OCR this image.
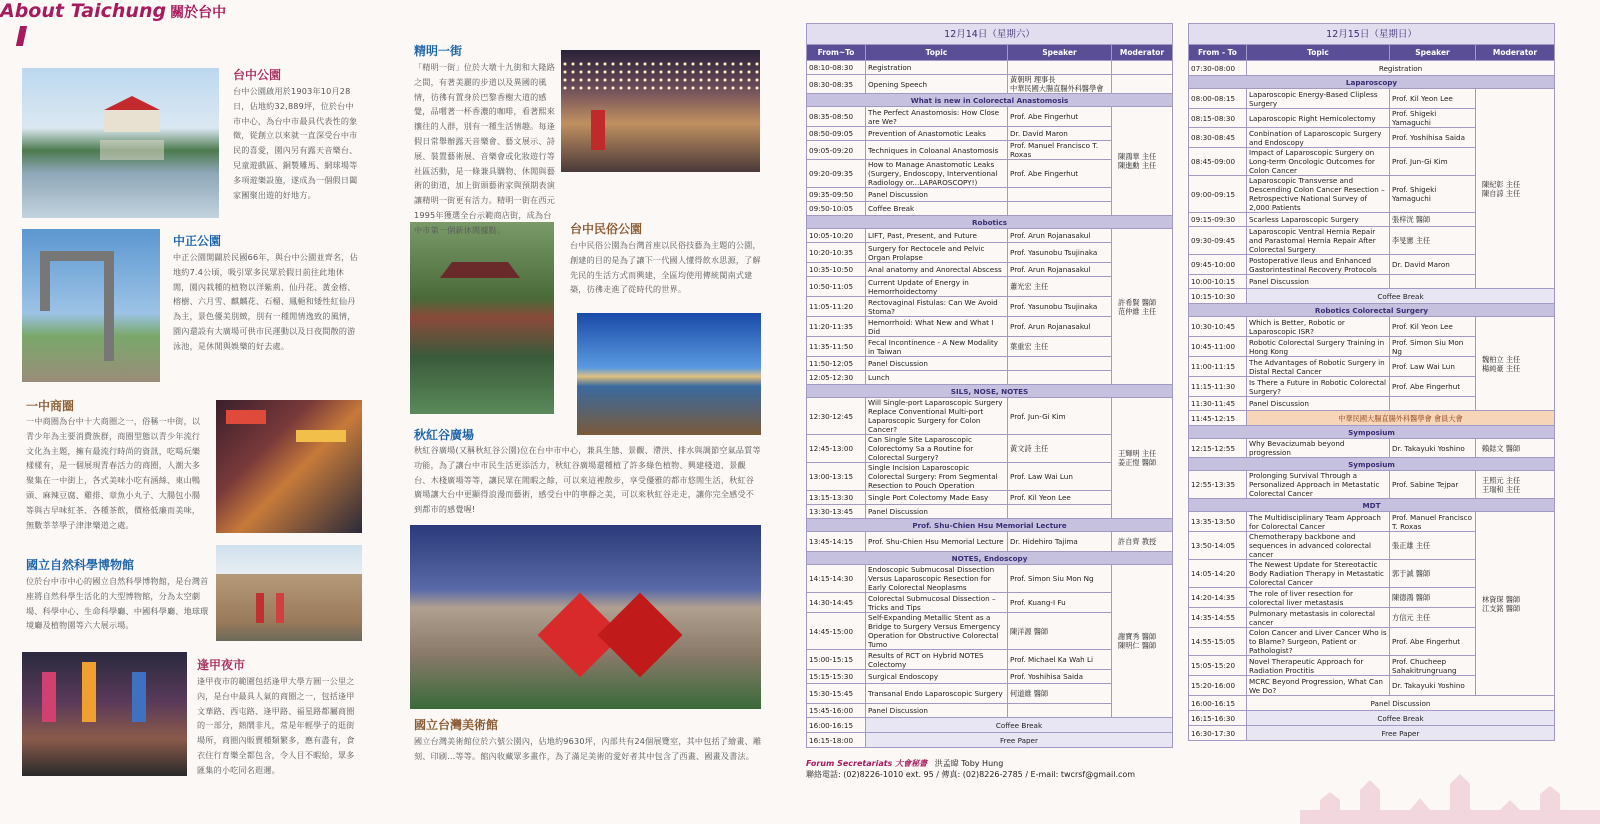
About Taichung 關於台中
台中公園
台中公園啟用於1903年10月28日，佔地約32,889坪，位於台中市中心，為台中市最具代表性的象徵，從創立以來就一直深受台中市民的喜愛，園內另有露天音樂台、兒童遊戲區、銅製雕馬、網球場等多項遊樂設施，遂成為一個假日闔家團聚出遊的好地方。
中正公園
中正公園開闢於民國66年，與台中公園並齊名，佔地約7.4公頃，吸引眾多民眾於假日前往此地休閒，園內栽種的植物以洋紫荊、仙丹花、黃金榕、榕樹、六月雪、麒麟花、石榴、鳳梔和矮性紅仙丹為主，景色優美別緻，別有一種閒情逸致的風情，園內還設有大廣場可供市民運動以及日夜間散的游泳池，是休閒與娛樂的好去處。
一中商圈
一中商圈為台中十大商圈之一，俗稱一中街，以青少年為主要消費族群，商圈型態以青少年流行文化為主題，擁有最流行時尚的資訊，吃喝玩樂樣樣有，是一個展現青春活力的商圈，人潮大多聚集在一中街上，各式美味小吃有涵絲、東山鴨頭、麻辣豆腐、雞排、章魚小丸子、大腸包小腸等與古早味紅茶、各種茶飲，價格低廉而美味，無數莘莘學子津津樂道之處。
國立自然科學博物館
位於台中市中心的國立自然科學博物館，是台灣首座將自然科學生活化的大型博物館，分為太空劇場、科學中心、生命科學廳、中國科學廳、地球環境廳及植物園等六大展示場。
逢甲夜市
逢甲夜市的範圍包括逢甲大學方圓一公里之內，是台中最具人氣的商圈之一，包括逢甲文華路、西屯路、逢甲路、福星路都屬商圈的一部分，熱鬧非凡，常是年輕學子的逛街場所，商圈內販賣種類繁多，應有盡有，食衣住行育樂全都包含，令人目不暇給，眾多匯集的小吃同名遐邇。
精明一街
「精明一街」位於大墩十九街和大隆路之間，有著美麗的步道以及異國的風情，彷彿有置身於巴黎香榭大道的感覺，品嚐著一杯香濃的咖啡，看著熙來攘往的人群，別有一種生活情趣。每逢假日常舉辦露天音樂會、藝文展示、詩展、裝置藝術展、音樂會或化妝遊行等社區活動，是一條兼具購物、休閒與藝術的街道，加上街頭藝術家與預期表演讓精明一街更有活力。精明一街在西元1995年獲選全台示範商店街，成為台中市第一個新休閒據點。	台中民俗公園
台中民俗公園為台灣首座以民俗技藝為主題的公園，創建的目的是為了讓下一代國人懂得飲水思源，了解先民的生活方式而興建，全區均使用傳統閩南式建築，彷彿走進了從時代的世界。
秋紅谷廣場
秋紅谷廣場(又稱秋紅谷公園)位在台中市中心，兼具生態、景觀、滯洪、排水與調節空氣品質等功能，為了讓台中市民生活更添活力，秋紅谷廣場還種植了許多綠色植物、興建棧道、景觀台、木棧廣場等等，讓民眾在閒暇之餘，可以來這裡散步，享受優雅的都市悠閒生活，秋紅谷廣場讓大台中更顯得浪漫而藝術，感受台中的寧靜之美，可以來秋紅谷走走，讓你完全感受不到都市的感覺喔!
國立台灣美術館
國立台灣美術館位於六號公園內，佔地約9630坪，內部共有24個展覽室，其中包括了繪畫、雕刻、印刷…等等。館內收藏眾多畫作，為了滿足美術的愛好者其中包含了西畫、國畫及書法。
12月14日（星期六）			
From~To	Topic	Speaker	Moderator
08:10-08:30	Registration		
08:30-08:35	Opening Speech	黃朝明 理事長
中華民國大腸直腸外科醫學會	
What is new in Colorectal Anastomosis			
08:35-08:50	The Perfect Anastomosis: How Close are We?	Prof. Abe Fingerhut	陳鴻華 主任
陳進勳 主任
08:50-09:05	Prevention of Anastomotic Leaks	Dr. David Maron	
09:05-09:20	Techniques in Coloanal Anastomosis	Prof. Manuel Francisco T. Roxas	
09:20-09:35	How to Manage Anastomotic Leaks (Surgery, Endoscopy, Interventional Radiology or...LAPAROSCOPY!)	Prof. Abe Fingerhut	
09:35-09:50	Panel Discussion		
09:50-10:05	Coffee Break		
Robotics			
10:05-10:20	LIFT, Past, Present, and Future	Prof. Arun Rojanasakul	許希賢 醫師
范仲維 主任
10:20-10:35	Surgery for Rectocele and Pelvic Organ Prolapse	Prof. Yasunobu Tsujinaka	
10:35-10:50	Anal anatomy and Anorectal Abscess	Prof. Arun Rojanasakul	
10:50-11:05	Current Update of Energy in Hemorrhoidectomy	蕭光宏 主任	
11:05-11:20	Rectovaginal Fistulas: Can We Avoid Stoma?	Prof. Yasunobu Tsujinaka	
11:20-11:35	Hemorrhoid: What New and What I Did	Prof. Arun Rojanasakul	
11:35-11:50	Fecal Incontinence - A New Modality in Taiwan	葉重宏 主任	
11:50-12:05	Panel Discussion		
12:05-12:30	Lunch		
SILS, NOSE, NOTES			
12:30-12:45	Will Single-port Laparoscopic Surgery Replace Conventional Multi-port Laparoscopic Surgery for Colon Cancer?	Prof. Jun-Gi Kim	王輝明 主任
姜正愷 醫師
12:45-13:00	Can Single Site Laparoscopic Colorectomy Sa a Routine for Colorectal Surgery?	黃文詩 主任	
13:00-13:15	Single Incision Laparoscopic Colorectal Surgery: From Segmental Resection to Pouch Operation	Prof. Law Wai Lun	
13:15-13:30	Single Port Colectomy Made Easy	Prof. Kil Yeon Lee	
13:30-13:45	Panel Discussion		
Prof. Shu-Chien Hsu Memorial Lecture			
13:45-14:15	Prof. Shu-Chien Hsu Memorial Lecture	Dr. Hidehiro Tajima	許自齊 教授
NOTES, Endoscopy			
14:15-14:30	Endoscopic Submucosal Dissection Versus Laparoscopic Resection for Early Colorectal Neoplasms	Prof. Simon Siu Mon Ng	謝寶秀 醫師
陳明仁 醫師
14:30-14:45	Colorectal Submucosal Dissection – Tricks and Tips	Prof. Kuang-I Fu	
14:45-15:00	Self-Expanding Metallic Stent as a Bridge to Surgery Versus Emergency Operation for Obstructive Colorectal Tumo	陳洋源 醫師	
15:00-15:15	Results of RCT on Hybrid NOTES Colectomy	Prof. Michael Ka Wah Li	
15:15-15:30	Surgical Endoscopy	Prof. Yoshihisa Saida	
15:30-15:45	Transanal Endo Laparoscopic Surgery	何道維 醫師	
15:45-16:00	Panel Discussion		
16:00-16:15	Coffee Break		
16:15-18:00	Free Paper		
12月15日（星期日）			
From - To	Topic	Speaker	Moderator
07:30-08:00	Registration		
Laparoscopy			
08:00-08:15	Laparoscopic Energy-Based Clipless Surgery	Prof. Kil Yeon Lee	陳紀彰 主任
陳自諒 主任
08:15-08:30	Laparoscopic Right Hemicolectomy	Prof. Shigeki Yamaguchi	
08:30-08:45	Conbination of Laparoscopic Surgery and Endoscopy	Prof. Yoshihisa Saida	
08:45-09:00	Impact of Laparoscopic Surgery on Long-term Oncologic Outcomes for Colon Cancer	Prof. Jun-Gi Kim	
09:00-09:15	Laparoscopic Transverse and Descending Colon Cancer Resection – Retrospective National Survey of 2,000 Patients	Prof. Shigeki Yamaguchi	
09:15-09:30	Scarless Laparoscopic Surgery	張梓洸 醫師	
09:30-09:45	Laparoscopic Ventral Hernia Repair and Parastomal Hernia Repair After Colorectal Surgery	李旻憲 主任	
09:45-10:00	Postoperative Ileus and Enhanced Gastorintestinal Recovery Protocols	Dr. David Maron	
10:00-10:15	Panel Discussion		
10:15-10:30	Coffee Break		
Robotics Colorectal Surgery			
10:30-10:45	Which is Better, Robotic or Laparoscopic ISR?	Prof. Kil Yeon Lee	魏柏立 主任
楊純豪 主任
10:45-11:00	Robotic Colorectal Surgery Training in Hong Kong	Prof. Simon Siu Mon Ng	
11:00-11:15	The Advantages of Robotic Surgery in Distal Rectal Cancer	Prof. Law Wai Lun	
11:15-11:30	Is There a Future in Robotic Colorectal Surgery?	Prof. Abe Fingerhut	
11:30-11:45	Panel Discussion		
11:45-12:15	中華民國大腸直腸外科醫學會 會員大會		
Symposium			
12:15-12:55	Why Bevacizumab beyond progression	Dr. Takayuki Yoshino	賴鋕文 醫師
Symposium			
12:55-13:35	Prolonging Survival Through a Personalized Approach in Metastatic Colorectal Cancer	Prof. Sabine Tejpar	王照元 主任
王瑞和 主任
MDT			
13:35-13:50	The Multidisciplinary Team Approach for Colorectal Cancer	Prof. Manuel Francisco T. Roxas	林資琛 醫師
江支銘 醫師
13:50-14:05	Chemotherapy backbone and sequences in advanced colorectal cancer	張正雄 主任	
14:05-14:20	The Newest Update for Stereotactic Body Radiation Therapy in Metastatic Colorectal Cancer	郭于誠 醫師	
14:20-14:35	The role of liver resection for colorectal liver metastasis	陳德鴻 醫師	
14:35-14:55	Pulmonary metastasis in colorectal cancer	方信元 主任	
14:55-15:05	Colon Cancer and Liver Cancer Who is to Blame? Surgeon, Patient or Pathologist?	Prof. Abe Fingerhut	
15:05-15:20	Novel Therapeutic Approach for Radiation Proctitis	Prof. Chucheep Sahakitrungruang	
15:20-16:00	MCRC Beyond Progression, What Can We Do?	Dr. Takayuki Yoshino	
16:00-16:15	Panel Discussion		
16:15-16:30	Coffee Break		
16:30-17:30	Free Paper		
Forum Secretariats 大會秘書 洪孟暐 Toby Hung
聯絡電話: (02)8226-1010 ext. 95 / 傳真: (02)8226-2785 / E-mail: twcrsf@gmail.com
